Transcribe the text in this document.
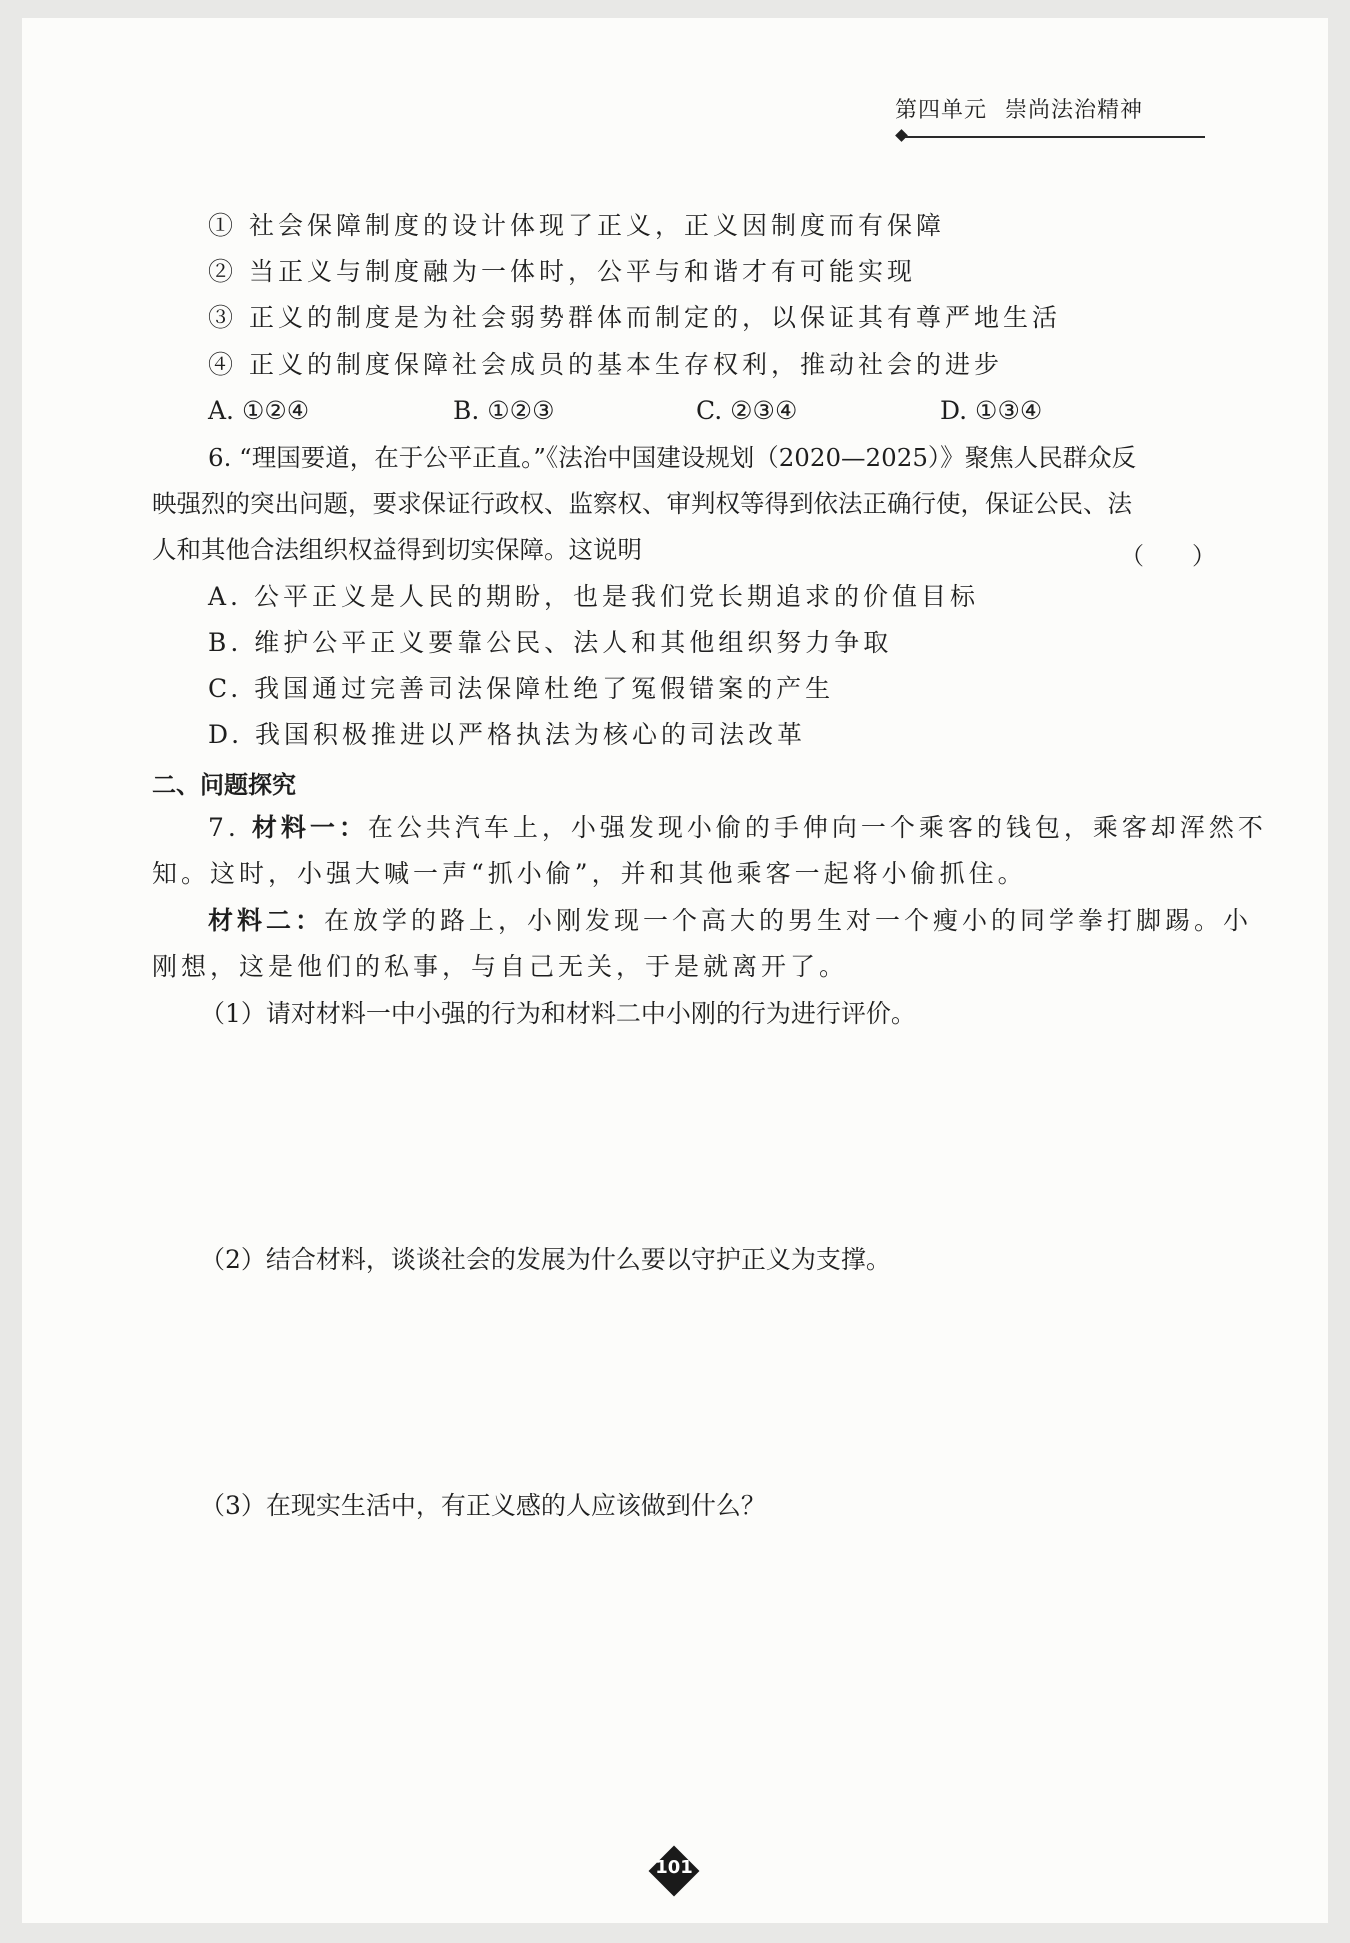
第四单元 崇尚法治精神
① 社会保障制度的设计体现了正义，正义因制度而有保障
② 当正义与制度融为一体时，公平与和谐才有可能实现
③ 正义的制度是为社会弱势群体而制定的，以保证其有尊严地生活
④ 正义的制度保障社会成员的基本生存权利，推动社会的进步
A. ①②④	B. ①②③	C. ②③④	D. ①③④
6. “理国要道，在于公平正直。”《法治中国建设规划（2020—2025）》聚焦人民群众反
映强烈的突出问题，要求保证行政权、监察权、审判权等得到依法正确行使，保证公民、法
人和其他合法组织权益得到切实保障。这说明	（　　）
A. 公平正义是人民的期盼，也是我们党长期追求的价值目标
B. 维护公平正义要靠公民、法人和其他组织努力争取
C. 我国通过完善司法保障杜绝了冤假错案的产生
D. 我国积极推进以严格执法为核心的司法改革
二、问题探究
7. 材料一：在公共汽车上，小强发现小偷的手伸向一个乘客的钱包，乘客却浑然不
知。这时，小强大喊一声“抓小偷”，并和其他乘客一起将小偷抓住。
材料二：在放学的路上，小刚发现一个高大的男生对一个瘦小的同学拳打脚踢。小
刚想，这是他们的私事，与自己无关，于是就离开了。
（1）请对材料一中小强的行为和材料二中小刚的行为进行评价。
（2）结合材料，谈谈社会的发展为什么要以守护正义为支撑。
（3）在现实生活中，有正义感的人应该做到什么？
101
